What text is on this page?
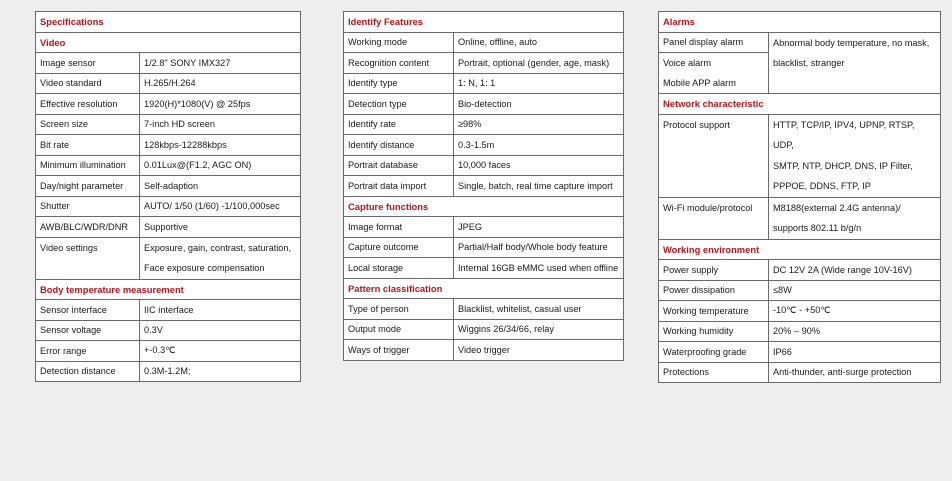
Specifications	
Video	
Image sensor	1/2.8" SONY IMX327
Video standard	H.265/H.264
Effective resolution	1920(H)*1080(V) @ 25fps
Screen size	7-inch HD screen
Bit rate	128kbps-12288kbps
Minimum illumination	0.01Lux@(F1.2, AGC ON)
Day/night parameter	Self-adaption
Shutter	AUTO/ 1/50 (1/60) -1/100,000sec
AWB/BLC/WDR/DNR	Supportive
Video settings	Exposure, gain, contrast, saturation,
Face exposure compensation

Body temperature measurement	
Sensor interface	IIC interface
Sensor voltage	0.3V
Error range	+-0.3℃
Detection distance	0.3M-1.2M;
Identify Features	
Working mode	Online, offline, auto
Recognition content	Portrait, optional (gender, age, mask)
Identify type	1: N, 1: 1
Detection type	Bio-detection
Identify rate	≥98%
Identify distance	0.3-1.5m
Portrait database	10,000 faces
Portrait data import	Single, batch, real time capture import
Capture functions	
Image format	JPEG
Capture outcome	Partial/Half body/Whole body feature
Local storage	Internal 16GB eMMC used when offline
Pattern classification	
Type of person	Blacklist, whitelist, casual user
Output mode	Wiggins 26/34/66, relay
Ways of trigger	Video trigger
Alarms	
Panel display alarm	Abnormal body temperature, no mask,
blacklist, stranger

Voice alarm	
Mobile APP alarm	
Network characteristic	
Protocol support	HTTP, TCP/IP, IPV4, UPNP, RTSP, UDP,
SMTP, NTP, DHCP, DNS, IP Filter,
PPPOE, DDNS, FTP, IP

Wi-Fi module/protocol	M8188(external 2.4G antenna)/
supports 802.11 b/g/n

Working environment	
Power supply	DC 12V 2A (Wide range 10V-16V)
Power dissipation	≤8W
Working temperature	-10℃ - +50℃
Working humidity	20% – 90%
Waterproofing grade	IP66
Protections	Anti-thunder, anti-surge protection
